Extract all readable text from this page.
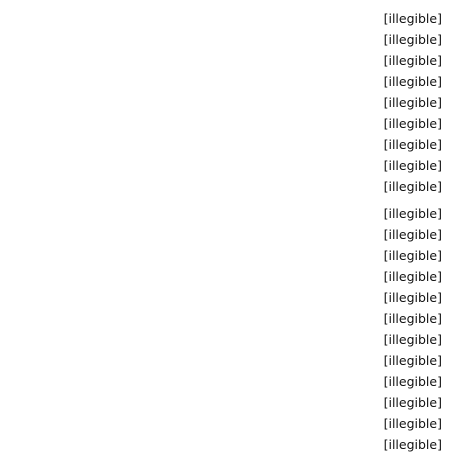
[illegible]
[illegible]
[illegible]
[illegible]
[illegible]
[illegible]
[illegible]
[illegible]
[illegible]
[illegible]
[illegible]
[illegible]
[illegible]
[illegible]
[illegible]
[illegible]
[illegible]
[illegible]
[illegible]
[illegible]
[illegible]
